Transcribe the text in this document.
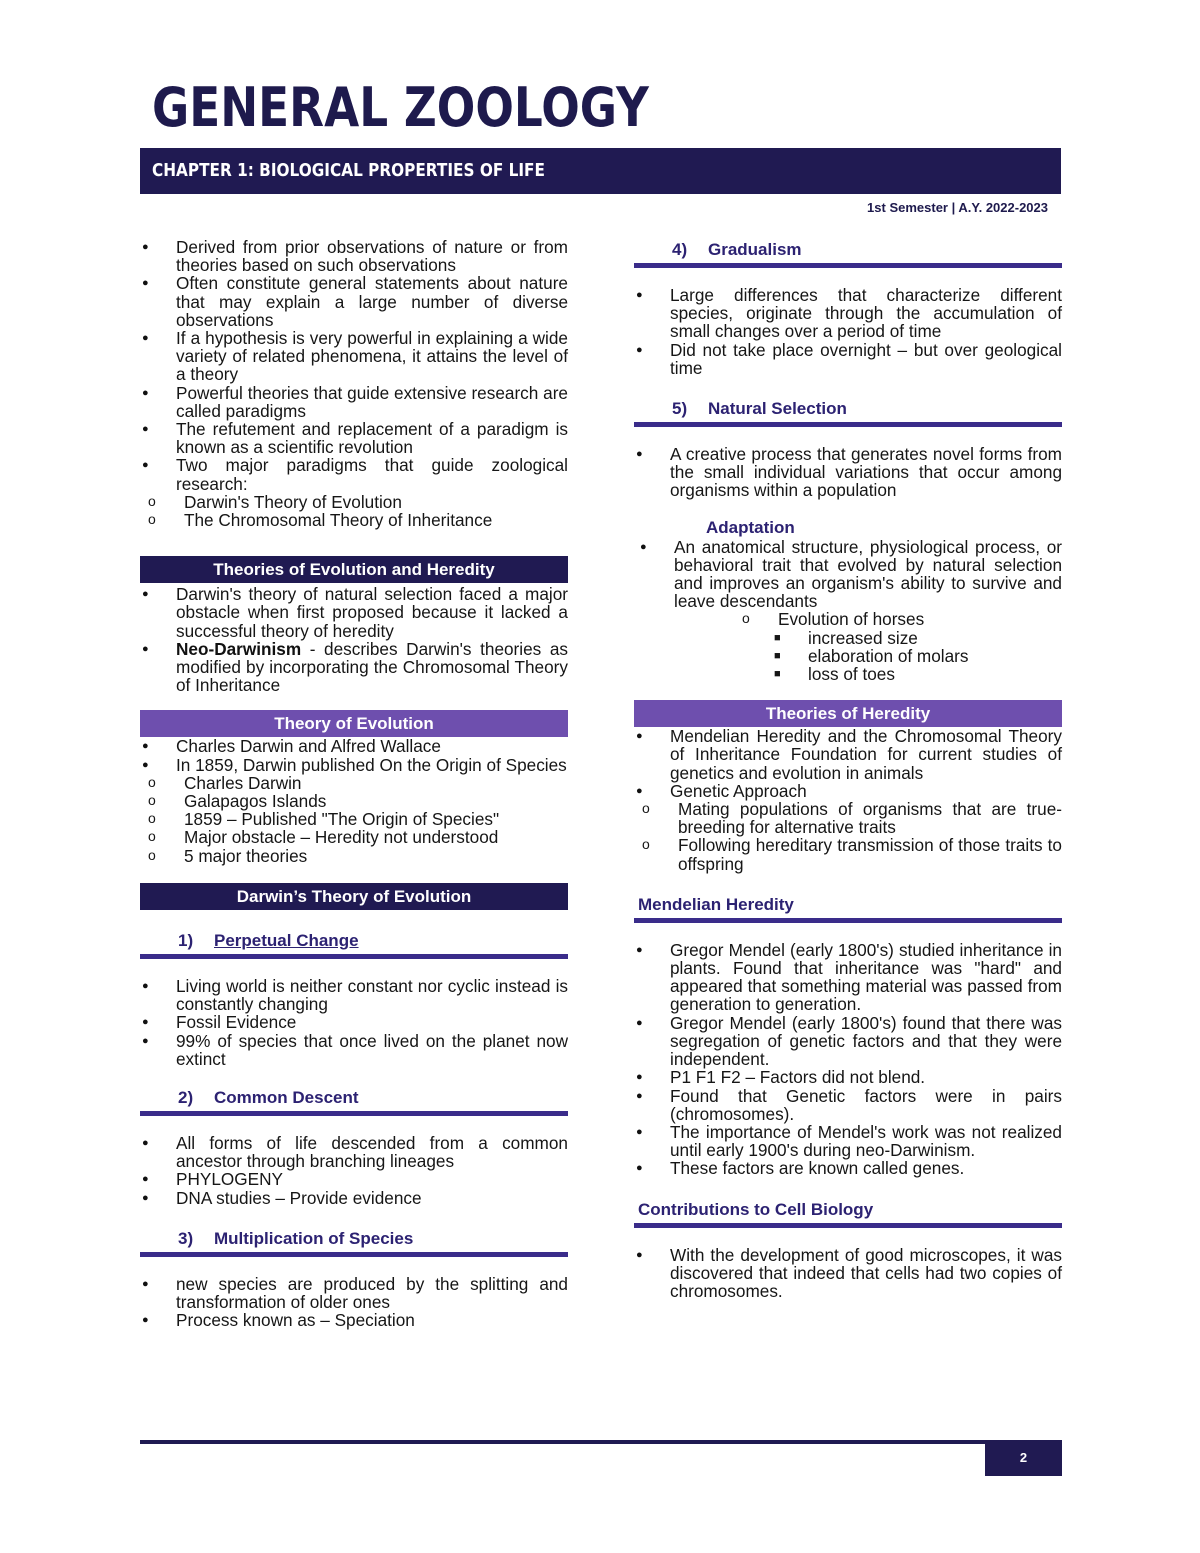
GENERAL ZOOLOGY
CHAPTER 1: BIOLOGICAL PROPERTIES OF LIFE
1st Semester | A.Y. 2022-2023
● Derived from prior observations of nature or from theories based on such observations
● Often constitute general statements about nature that may explain a large number of diverse observations
● If a hypothesis is very powerful in explaining a wide variety of related phenomena, it attains the level of a theory
● Powerful theories that guide extensive research are called paradigms
● The refutement and replacement of a paradigm is known as a scientific revolution
● Two major paradigms that guide zoological research:
o Darwin's Theory of Evolution
o The Chromosomal Theory of Inheritance
Theories of Evolution and Heredity
● Darwin's theory of natural selection faced a major obstacle when first proposed because it lacked a successful theory of heredity
● Neo-Darwinism - describes Darwin's theories as modified by incorporating the Chromosomal Theory of Inheritance
Theory of Evolution
● Charles Darwin and Alfred Wallace
● In 1859, Darwin published On the Origin of Species
o Charles Darwin
o Galapagos Islands
o 1859 – Published "The Origin of Species"
o Major obstacle – Heredity not understood
o 5 major theories
Darwin’s Theory of Evolution
1) Perpetual Change
● Living world is neither constant nor cyclic instead is constantly changing
● Fossil Evidence
● 99% of species that once lived on the planet now extinct
2) Common Descent
● All forms of life descended from a common ancestor through branching lineages
● PHYLOGENY
● DNA studies – Provide evidence
3) Multiplication of Species
● new species are produced by the splitting and transformation of older ones
● Process known as – Speciation
4) Gradualism
● Large differences that characterize different species, originate through the accumulation of small changes over a period of time
● Did not take place overnight – but over geological time
5) Natural Selection
● A creative process that generates novel forms from the small individual variations that occur among organisms within a population
Adaptation
● An anatomical structure, physiological process, or behavioral trait that evolved by natural selection and improves an organism's ability to survive and leave descendants
o Evolution of horses
■ increased size
■ elaboration of molars
■ loss of toes
Theories of Heredity
● Mendelian Heredity and the Chromosomal Theory of Inheritance Foundation for current studies of genetics and evolution in animals
● Genetic Approach
o Mating populations of organisms that are true-breeding for alternative traits
o Following hereditary transmission of those traits to offspring
Mendelian Heredity
● Gregor Mendel (early 1800's) studied inheritance in plants. Found that inheritance was "hard" and appeared that something material was passed from generation to generation.
● Gregor Mendel (early 1800's) found that there was segregation of genetic factors and that they were independent.
● P1 F1 F2 – Factors did not blend.
● Found that Genetic factors were in pairs (chromosomes).
● The importance of Mendel's work was not realized until early 1900's during neo-Darwinism.
● These factors are known called genes.
Contributions to Cell Biology
● With the development of good microscopes, it was discovered that indeed that cells had two copies of chromosomes.
2
